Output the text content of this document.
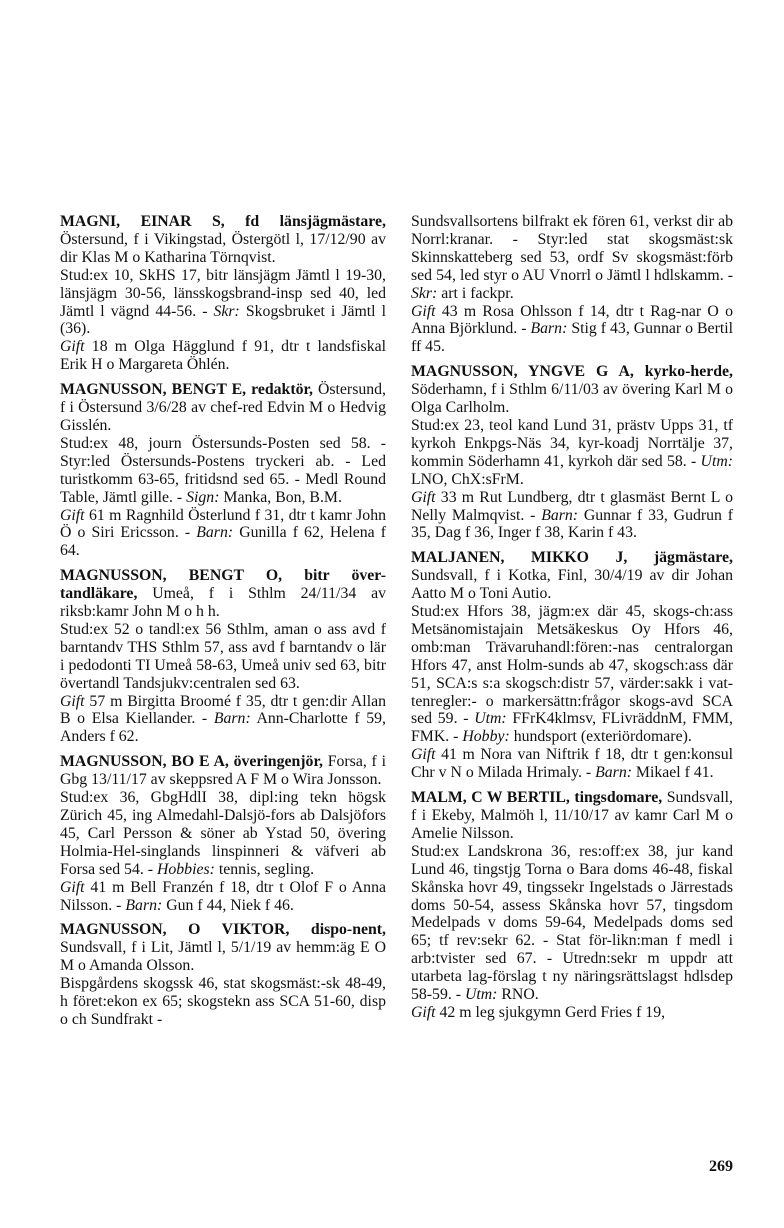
MAGNI, EINAR S, fd länsjägmästare, Östersund, f i Vikingstad, Östergötl l, 17/12/90 av dir Klas M o Katharina Törnqvist.

Stud:ex 10, SkHS 17, bitr länsjägm Jämtl l 19-30, länsjägm 30-56, länsskogsbrand-insp sed 40, led Jämtl l vägnd 44-56. - Skr: Skogsbruket i Jämtl l (36).

Gift 18 m Olga Hägglund f 91, dtr t landsfiskal Erik H o Margareta Öhlén.

MAGNUSSON, BENGT E, redaktör, Östersund, f i Östersund 3/6/28 av chef-red Edvin M o Hedvig Gisslén.

Stud:ex 48, journ Östersunds-Posten sed 58. - Styr:led Östersunds-Postens tryckeri ab. - Led turistkomm 63-65, fritidsnd sed 65. - Medl Round Table, Jämtl gille. - Sign: Manka, Bon, B.M.

Gift 61 m Ragnhild Österlund f 31, dtr t kamr John Ö o Siri Ericsson. - Barn: Gunilla f 62, Helena f 64.

MAGNUSSON, BENGT O, bitr över-tandläkare, Umeå, f i Sthlm 24/11/34 av riksb:kamr John M o h h.

Stud:ex 52 o tandl:ex 56 Sthlm, aman o ass avd f barntandv THS Sthlm 57, ass avd f barntandv o lär i pedodonti TI Umeå 58-63, Umeå univ sed 63, bitr övertandl Tandsjukv:centralen sed 63.

Gift 57 m Birgitta Broomé f 35, dtr t gen:dir Allan B o Elsa Kiellander. - Barn: Ann-Charlotte f 59, Anders f 62.

MAGNUSSON, BO E A, överingenjör, Forsa, f i Gbg 13/11/17 av skeppsred A F M o Wira Jonsson.

Stud:ex 36, GbgHdlI 38, dipl:ing tekn högsk Zürich 45, ing Almedahl-Dalsjö-fors ab Dalsjöfors 45, Carl Persson & söner ab Ystad 50, övering Holmia-Hel-singlands linspinneri & väfveri ab Forsa sed 54. - Hobbies: tennis, segling.

Gift 41 m Bell Franzén f 18, dtr t Olof F o Anna Nilsson. - Barn: Gun f 44, Niek f 46.

MAGNUSSON, O VIKTOR, dispo-nent, Sundsvall, f i Lit, Jämtl l, 5/1/19 av hemm:äg E O M o Amanda Olsson.

Bispgårdens skogssk 46, stat skogsmäst:-sk 48-49, h föret:ekon ex 65; skogstekn ass SCA 51-60, disp o ch Sundfrakt -

Sundsvallsortens bilfrakt ek fören 61, verkst dir ab Norrl:kranar. - Styr:led stat skogsmäst:sk Skinnskatteberg sed 53, ordf Sv skogsmäst:förb sed 54, led styr o AU Vnorrl o Jämtl l hdlskamm. - Skr: art i fackpr.

Gift 43 m Rosa Ohlsson f 14, dtr t Rag-nar O o Anna Björklund. - Barn: Stig f 43, Gunnar o Bertil ff 45.

MAGNUSSON, YNGVE G A, kyrko-herde, Söderhamn, f i Sthlm 6/11/03 av övering Karl M o Olga Carlholm.

Stud:ex 23, teol kand Lund 31, prästv Upps 31, tf kyrkoh Enkpgs-Näs 34, kyr-koadj Norrtälje 37, kommin Söderhamn 41, kyrkoh där sed 58. - Utm: LNO, ChX:sFrM.

Gift 33 m Rut Lundberg, dtr t glasmäst Bernt L o Nelly Malmqvist. - Barn: Gunnar f 33, Gudrun f 35, Dag f 36, Inger f 38, Karin f 43.

MALJANEN, MIKKO J, jägmästare, Sundsvall, f i Kotka, Finl, 30/4/19 av dir Johan Aatto M o Toni Autio.

Stud:ex Hfors 38, jägm:ex där 45, skogs-ch:ass Metsänomistajain Metsäkeskus Oy Hfors 46, omb:man Trävaruhandl:fören:-nas centralorgan Hfors 47, anst Holm-sunds ab 47, skogsch:ass där 51, SCA:s s:a skogsch:distr 57, värder:sakk i vat-tenregler:- o markersättn:frågor skogs-avd SCA sed 59. - Utm: FFrK4klmsv, FLivräddnM, FMM, FMK. - Hobby: hundsport (exteriördomare).

Gift 41 m Nora van Niftrik f 18, dtr t gen:konsul Chr v N o Milada Hrimaly. - Barn: Mikael f 41.

MALM, C W BERTIL, tingsdomare, Sundsvall, f i Ekeby, Malmöh l, 11/10/17 av kamr Carl M o Amelie Nilsson.

Stud:ex Landskrona 36, res:off:ex 38, jur kand Lund 46, tingstjg Torna o Bara doms 46-48, fiskal Skånska hovr 49, tingssekr Ingelstads o Järrestads doms 50-54, assess Skånska hovr 57, tingsdom Medelpads v doms 59-64, Medelpads doms sed 65; tf rev:sekr 62. - Stat för-likn:man f medl i arb:tvister sed 67. - Utredn:sekr m uppdr att utarbeta lag-förslag t ny näringsrättslagst hdlsdep 58-59. - Utm: RNO.

Gift 42 m leg sjukgymn Gerd Fries f 19,

269
